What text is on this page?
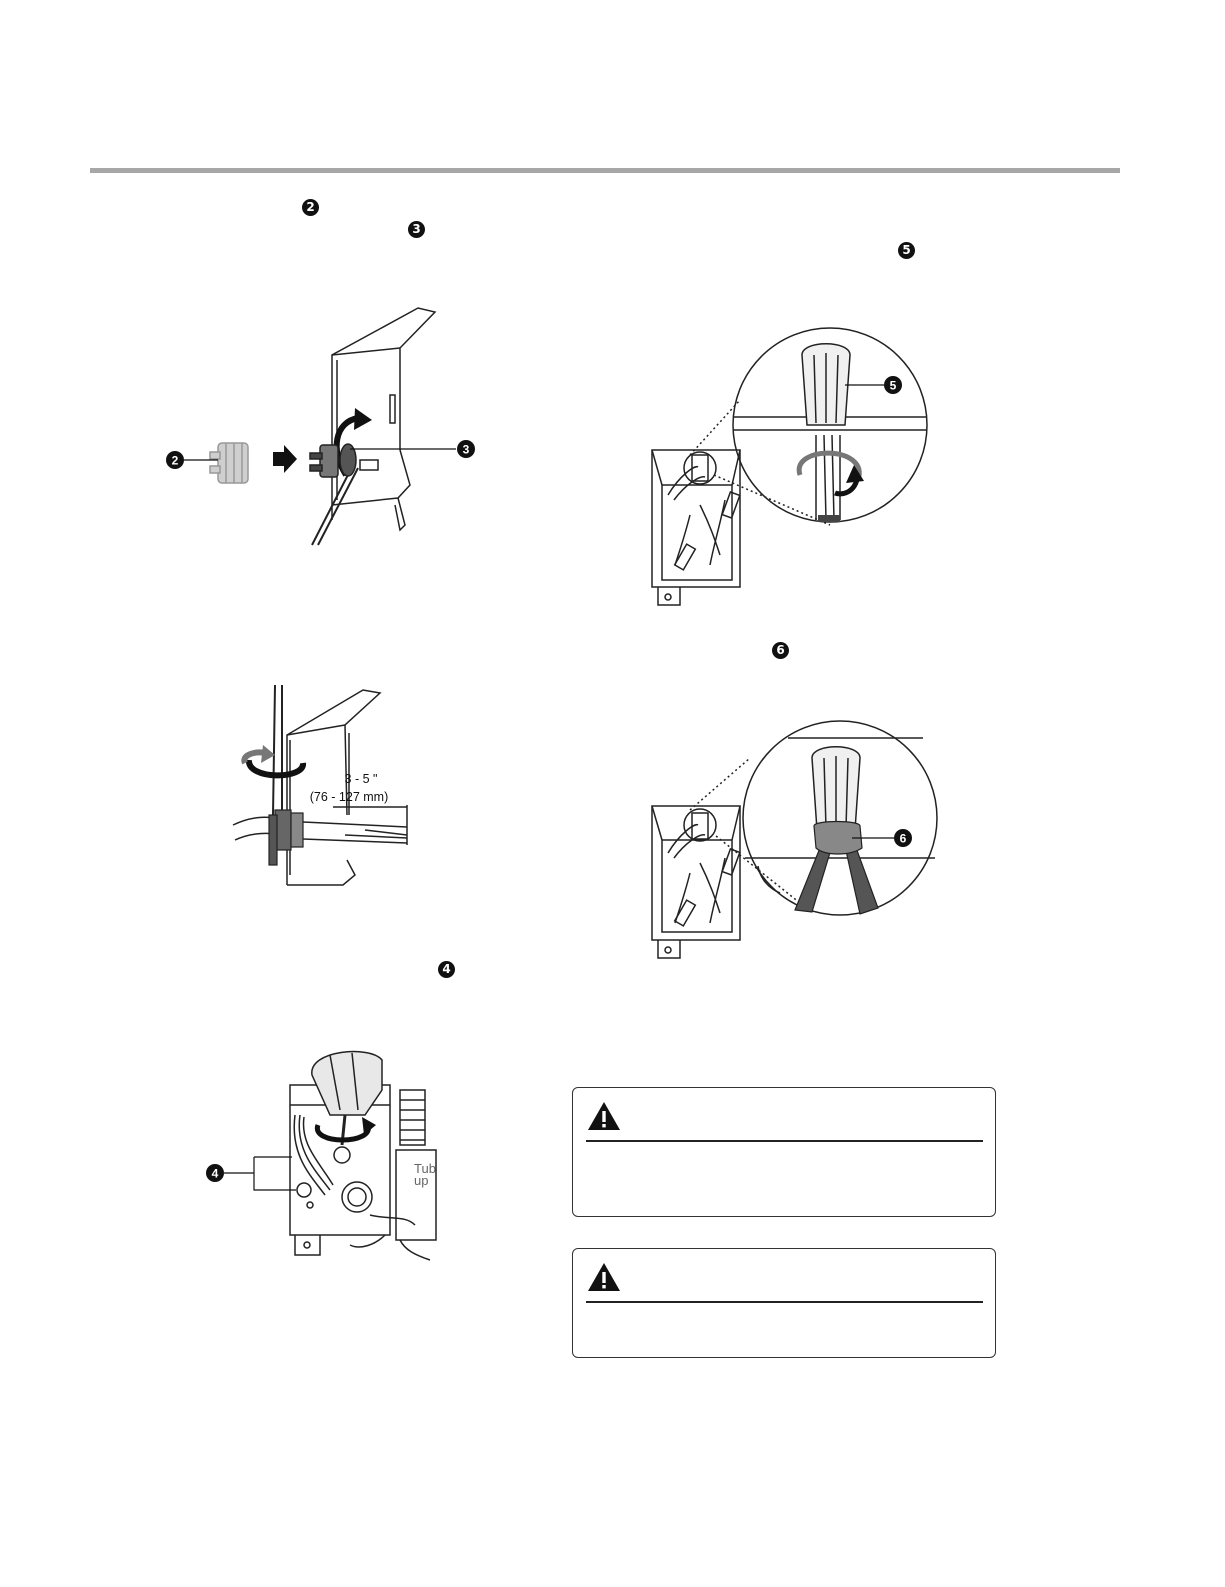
2
3
5
6
4
2
3
3 - 5 "
(76 - 127 mm)
Tub
up
4
5
6
